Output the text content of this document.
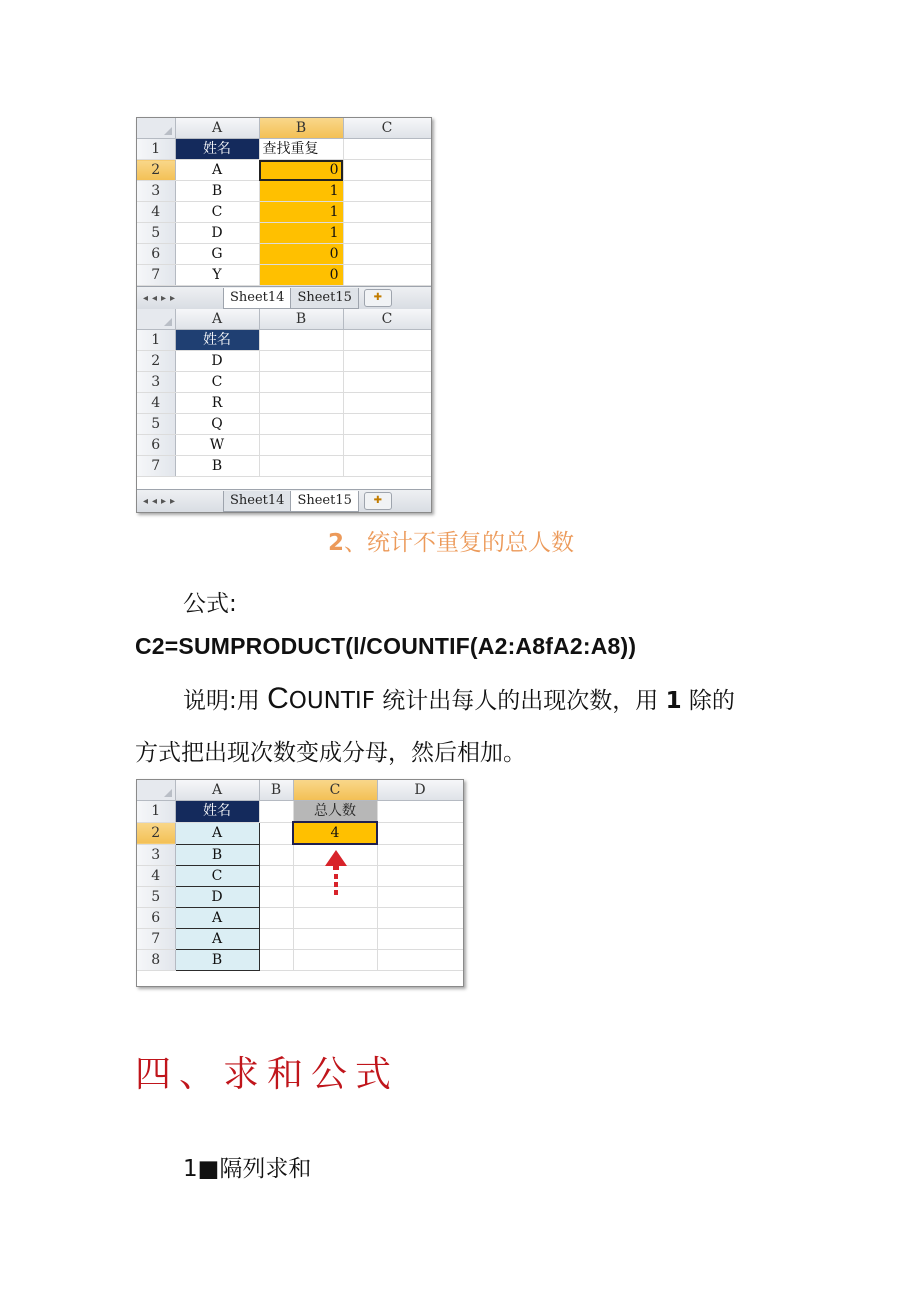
	A	B	C
1	姓名	查找重复	
2	A	0	
3	B	1	
4	C	1	
5	D	1	
6	G	0	
7	Y	0	
◂◂▸▸	Sheet14	Sheet15	✚
	A	B	C
1	姓名		
2	D		
3	C		
4	R		
5	Q		
6	W		
7	B		
◂◂▸▸	Sheet14	Sheet15	✚
2、统计不重复的总人数
公式:
C2=SUMPRODUCT(l/COUNTIF(A2:A8fA2:A8))
说明:用 COUNTIF 统计出每人的出现次数，用 1 除的
方式把出现次数变成分母，然后相加。
	A	B	C	D
1	姓名		总人数	
2	A		4	
3	B			
4	C			
5	D			
6	A			
7	A			
8	B			
四、求和公式
1■隔列求和
